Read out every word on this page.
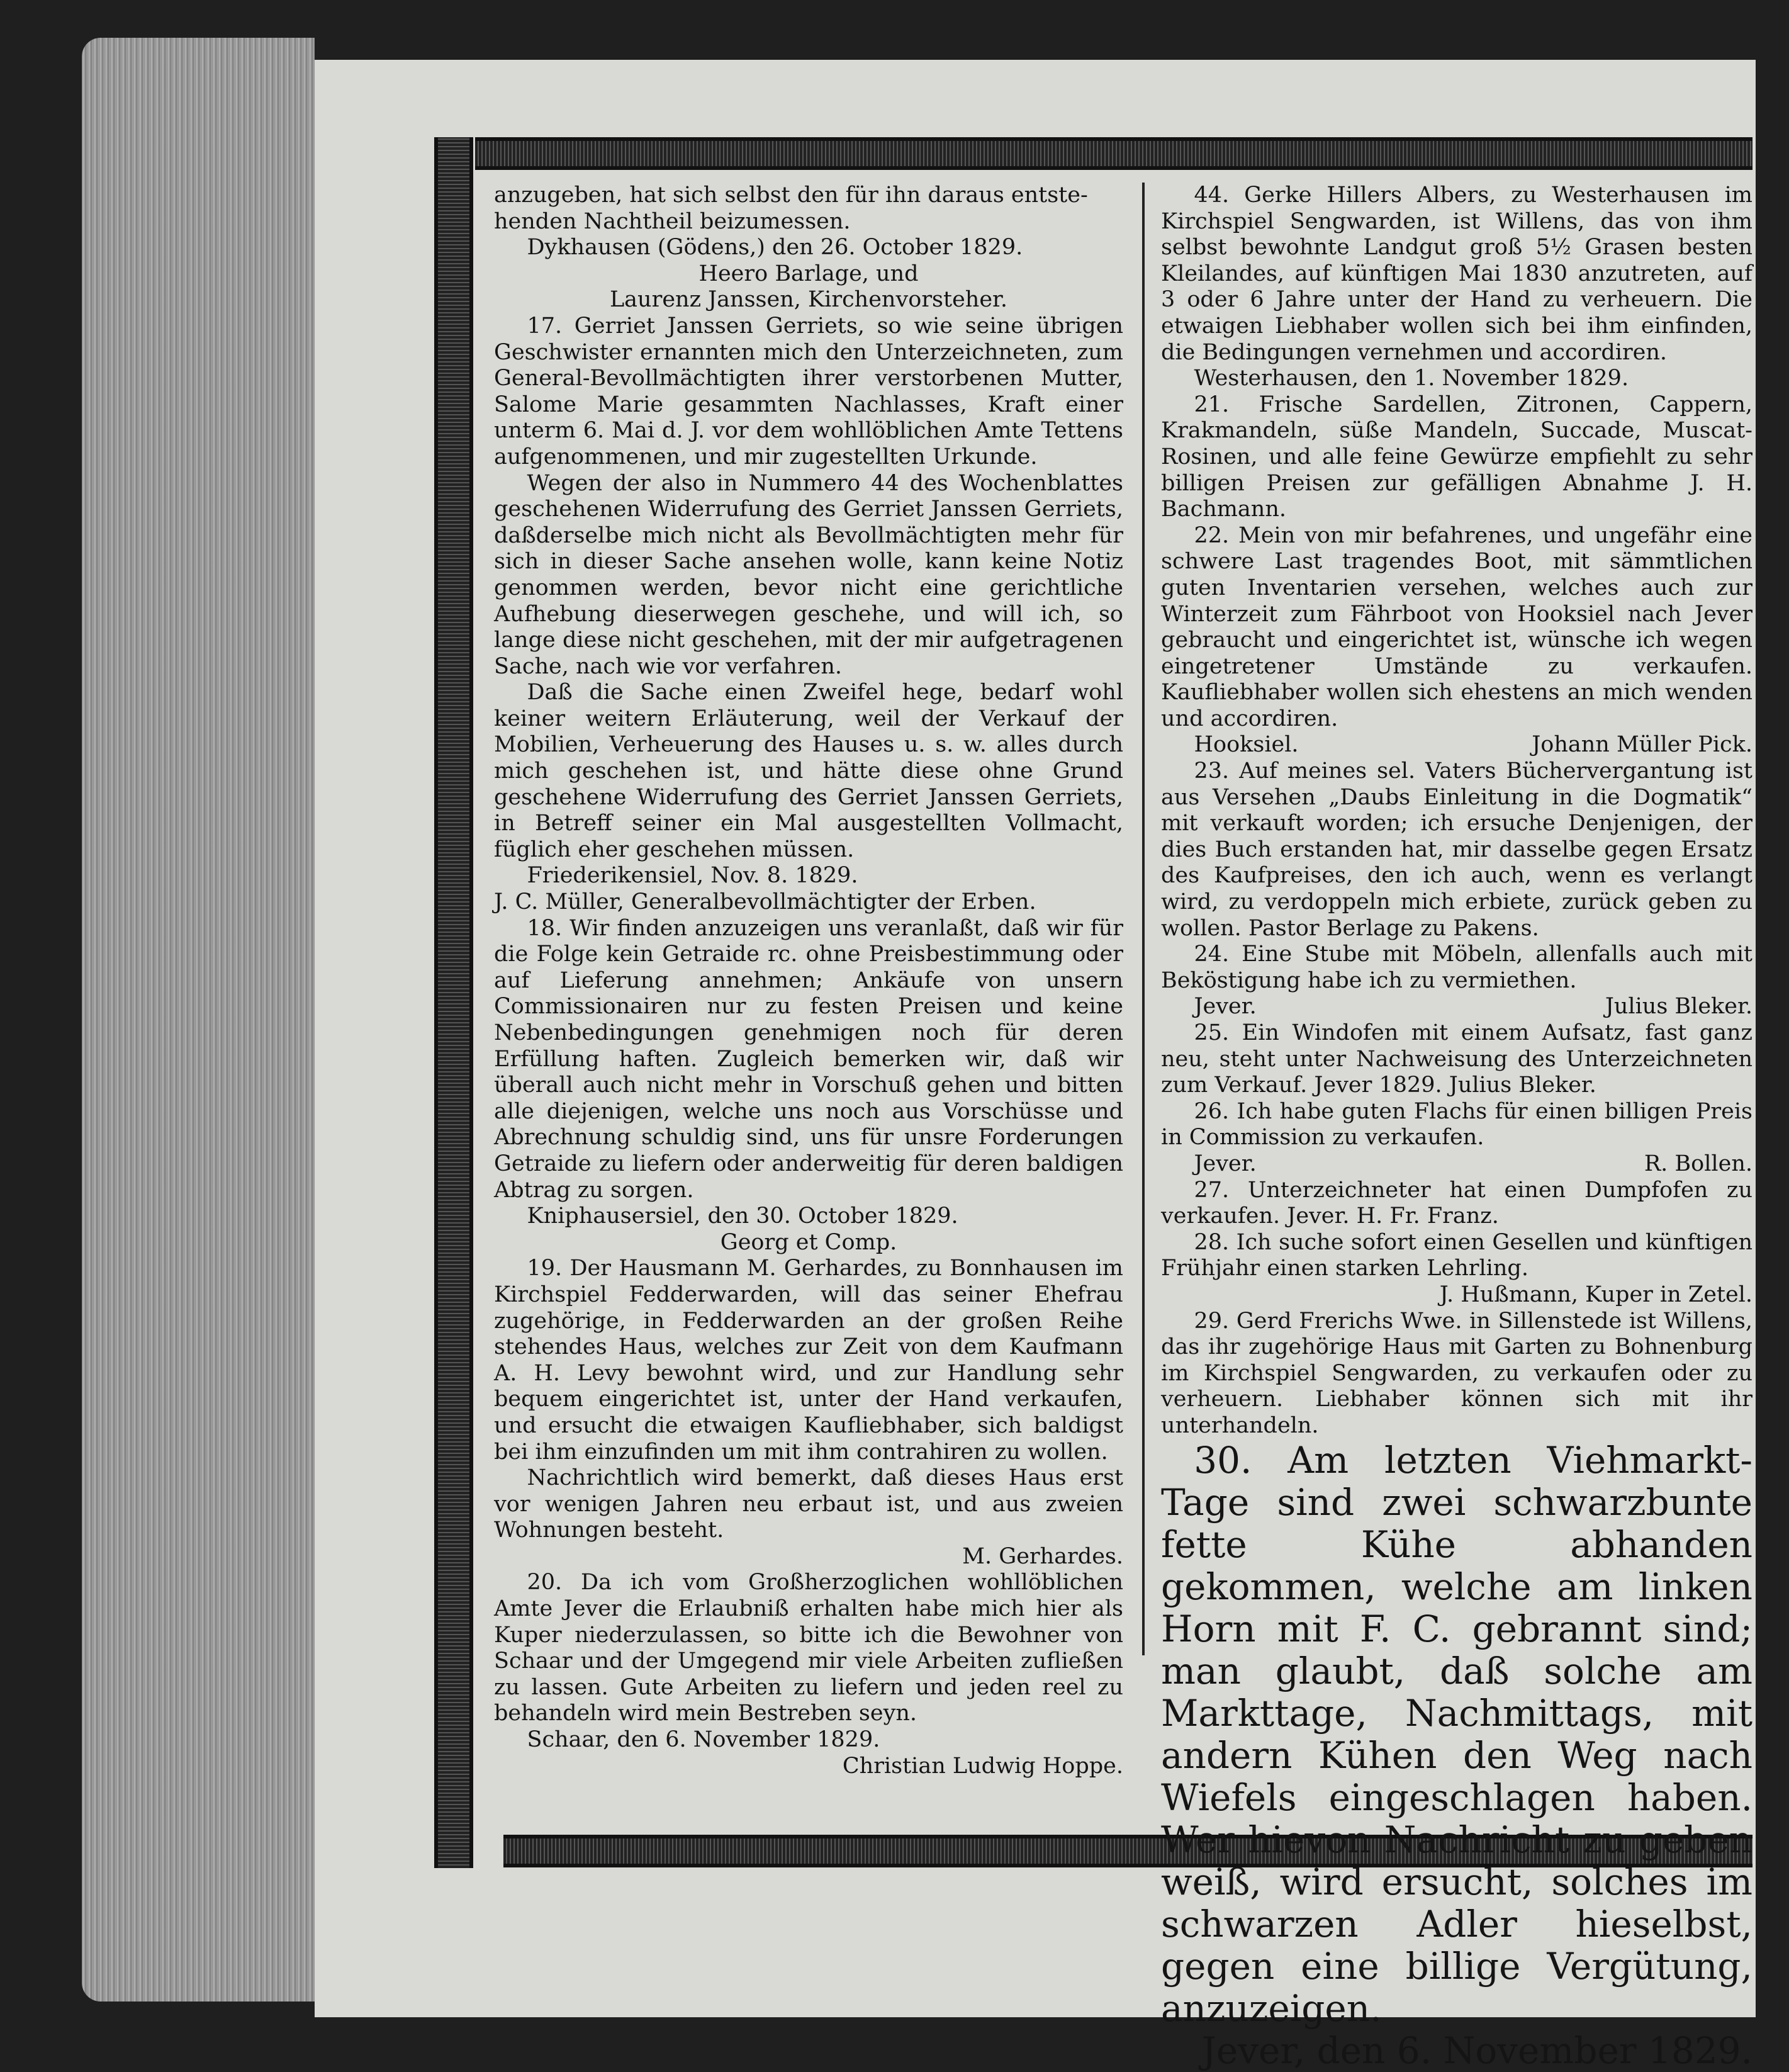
anzugeben, hat sich selbst den für ihn daraus entste-

henden Nachtheil beizumessen.

Dykhausen (Gödens,) den 26. October 1829.

Heero Barlage, und

Laurenz Janssen, Kirchenvorsteher.

17. Gerriet Janssen Gerriets, so wie seine übrigen Geschwister ernannten mich den Unterzeichneten, zum General-Bevollmächtigten ihrer verstorbenen Mutter, Salome Marie gesammten Nachlasses, Kraft einer unterm 6. Mai d. J. vor dem wohllöblichen Amte Tettens aufgenommenen, und mir zugestellten Urkunde.

Wegen der also in Nummero 44 des Wochenblattes geschehenen Widerrufung des Gerriet Janssen Gerriets, daßderselbe mich nicht als Bevollmächtigten mehr für sich in dieser Sache ansehen wolle, kann keine Notiz genommen werden, bevor nicht eine gerichtliche Aufhebung dieserwegen geschehe, und will ich, so lange diese nicht geschehen, mit der mir aufgetragenen Sache, nach wie vor verfahren.

Daß die Sache einen Zweifel hege, bedarf wohl keiner weitern Erläuterung, weil der Verkauf der Mobilien, Verheuerung des Hauses u. s. w. alles durch mich geschehen ist, und hätte diese ohne Grund geschehene Widerrufung des Gerriet Janssen Gerriets, in Betreff seiner ein Mal ausgestellten Vollmacht, füglich eher geschehen müssen.

Friederikensiel, Nov. 8. 1829.

J. C. Müller, Generalbevollmächtigter der Erben.

18. Wir finden anzuzeigen uns veranlaßt, daß wir für die Folge kein Getraide rc. ohne Preisbestimmung oder auf Lieferung annehmen; Ankäufe von unsern Commissionairen nur zu festen Preisen und keine Nebenbedingungen genehmigen noch für deren Erfüllung haften. Zugleich bemerken wir, daß wir überall auch nicht mehr in Vorschuß gehen und bitten alle diejenigen, welche uns noch aus Vorschüsse und Abrechnung schuldig sind, uns für unsre Forderungen Getraide zu liefern oder anderweitig für deren baldigen Abtrag zu sorgen.

Kniphausersiel, den 30. October 1829.

Georg et Comp.

19. Der Hausmann M. Gerhardes, zu Bonnhausen im Kirchspiel Fedderwarden, will das seiner Ehefrau zugehörige, in Fedderwarden an der großen Reihe stehendes Haus, welches zur Zeit von dem Kaufmann A. H. Levy bewohnt wird, und zur Handlung sehr bequem eingerichtet ist, unter der Hand verkaufen, und ersucht die etwaigen Kaufliebhaber, sich baldigst bei ihm einzufinden um mit ihm contrahiren zu wollen.

Nachrichtlich wird bemerkt, daß dieses Haus erst vor wenigen Jahren neu erbaut ist, und aus zweien Wohnungen besteht.

M. Gerhardes.

20. Da ich vom Großherzoglichen wohllöblichen Amte Jever die Erlaubniß erhalten habe mich hier als Kuper niederzulassen, so bitte ich die Bewohner von Schaar und der Umgegend mir viele Arbeiten zufließen zu lassen. Gute Arbeiten zu liefern und jeden reel zu behandeln wird mein Bestreben seyn.

Schaar, den 6. November 1829.

Christian Ludwig Hoppe.

44. Gerke Hillers Albers, zu Westerhausen im Kirchspiel Sengwarden, ist Willens, das von ihm selbst bewohnte Landgut groß 5½ Grasen besten Kleilandes, auf künftigen Mai 1830 anzutreten, auf 3 oder 6 Jahre unter der Hand zu verheuern. Die etwaigen Liebhaber wollen sich bei ihm einfinden, die Bedingungen vernehmen und accordiren.

Westerhausen, den 1. November 1829.

21. Frische Sardellen, Zitronen, Cappern, Krakmandeln, süße Mandeln, Succade, Muscat-Rosinen, und alle feine Gewürze empfiehlt zu sehr billigen Preisen zur gefälligen Abnahme J. H. Bachmann.

22. Mein von mir befahrenes, und ungefähr eine schwere Last tragendes Boot, mit sämmtlichen guten Inventarien versehen, welches auch zur Winterzeit zum Fährboot von Hooksiel nach Jever gebraucht und eingerichtet ist, wünsche ich wegen eingetretener Umstände zu verkaufen. Kaufliebhaber wollen sich ehestens an mich wenden und accordiren.

Hooksiel.	Johann Müller Pick.

23. Auf meines sel. Vaters Büchervergantung ist aus Versehen „Daubs Einleitung in die Dogmatik“ mit verkauft worden; ich ersuche Denjenigen, der dies Buch erstanden hat, mir dasselbe gegen Ersatz des Kaufpreises, den ich auch, wenn es verlangt wird, zu verdoppeln mich erbiete, zurück geben zu wollen. Pastor Berlage zu Pakens.

24. Eine Stube mit Möbeln, allenfalls auch mit Beköstigung habe ich zu vermiethen.

Jever.	Julius Bleker.

25. Ein Windofen mit einem Aufsatz, fast ganz neu, steht unter Nachweisung des Unterzeichneten zum Verkauf. Jever 1829. Julius Bleker.

26. Ich habe guten Flachs für einen billigen Preis in Commission zu verkaufen.

Jever.	R. Bollen.

27. Unterzeichneter hat einen Dumpfofen zu verkaufen. Jever. H. Fr. Franz.

28. Ich suche sofort einen Gesellen und künftigen Frühjahr einen starken Lehrling.

J. Hußmann, Kuper in Zetel.

29. Gerd Frerichs Wwe. in Sillenstede ist Willens, das ihr zugehörige Haus mit Garten zu Bohnenburg im Kirchspiel Sengwarden, zu verkaufen oder zu verheuern. Liebhaber können sich mit ihr unterhandeln.

30. Am letzten Viehmarkt-Tage sind zwei schwarzbunte fette Kühe abhanden gekommen, welche am linken Horn mit F. C. gebrannt sind; man glaubt, daß solche am Markttage, Nachmittags, mit andern Kühen den Weg nach Wiefels eingeschlagen haben. Wer hievon Nachricht zu geben weiß, wird ersucht, solches im schwarzen Adler hieselbst, gegen eine billige Vergütung, anzuzeigen.

Jever, den 6. November 1829.
